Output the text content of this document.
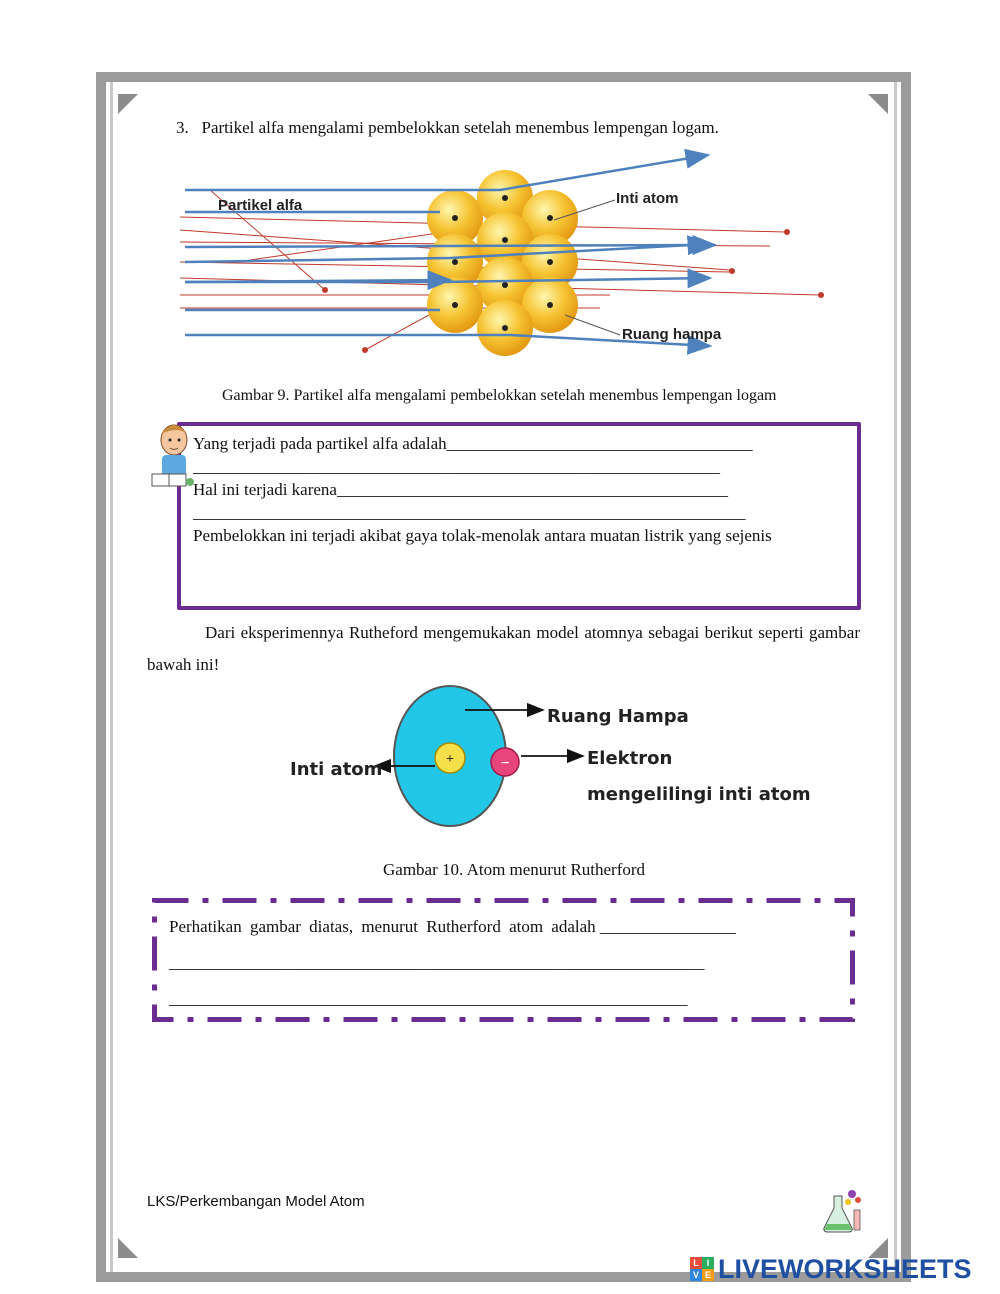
3. Partikel alfa mengalami pembelokkan setelah menembus lempengan logam.
Partikel alfa	Inti atom
Ruang hampa
Gambar 9. Partikel alfa mengalami pembelokkan setelah menembus lempengan logam
Yang terjadi pada partikel alfa adalah____________________________________
______________________________________________________________
Hal ini terjadi karena______________________________________________
_________________________________________________________________
Pembelokkan ini terjadi akibat gaya tolak-menolak antara muatan listrik yang sejenis
Dari eksperimennya Rutheford mengemukakan model atomnya sebagai berikut seperti gambar bawah ini!
+	−
Ruang Hampa
Elektron
mengelilingi inti atom
Inti atom
Gambar 10. Atom menurut Rutherford
Perhatikan gambar diatas, menurut Rutherford atom adalah ________________
_______________________________________________________________
_____________________________________________________________
LKS/Perkembangan Model Atom
L I
V E LIVEWORKSHEETS
